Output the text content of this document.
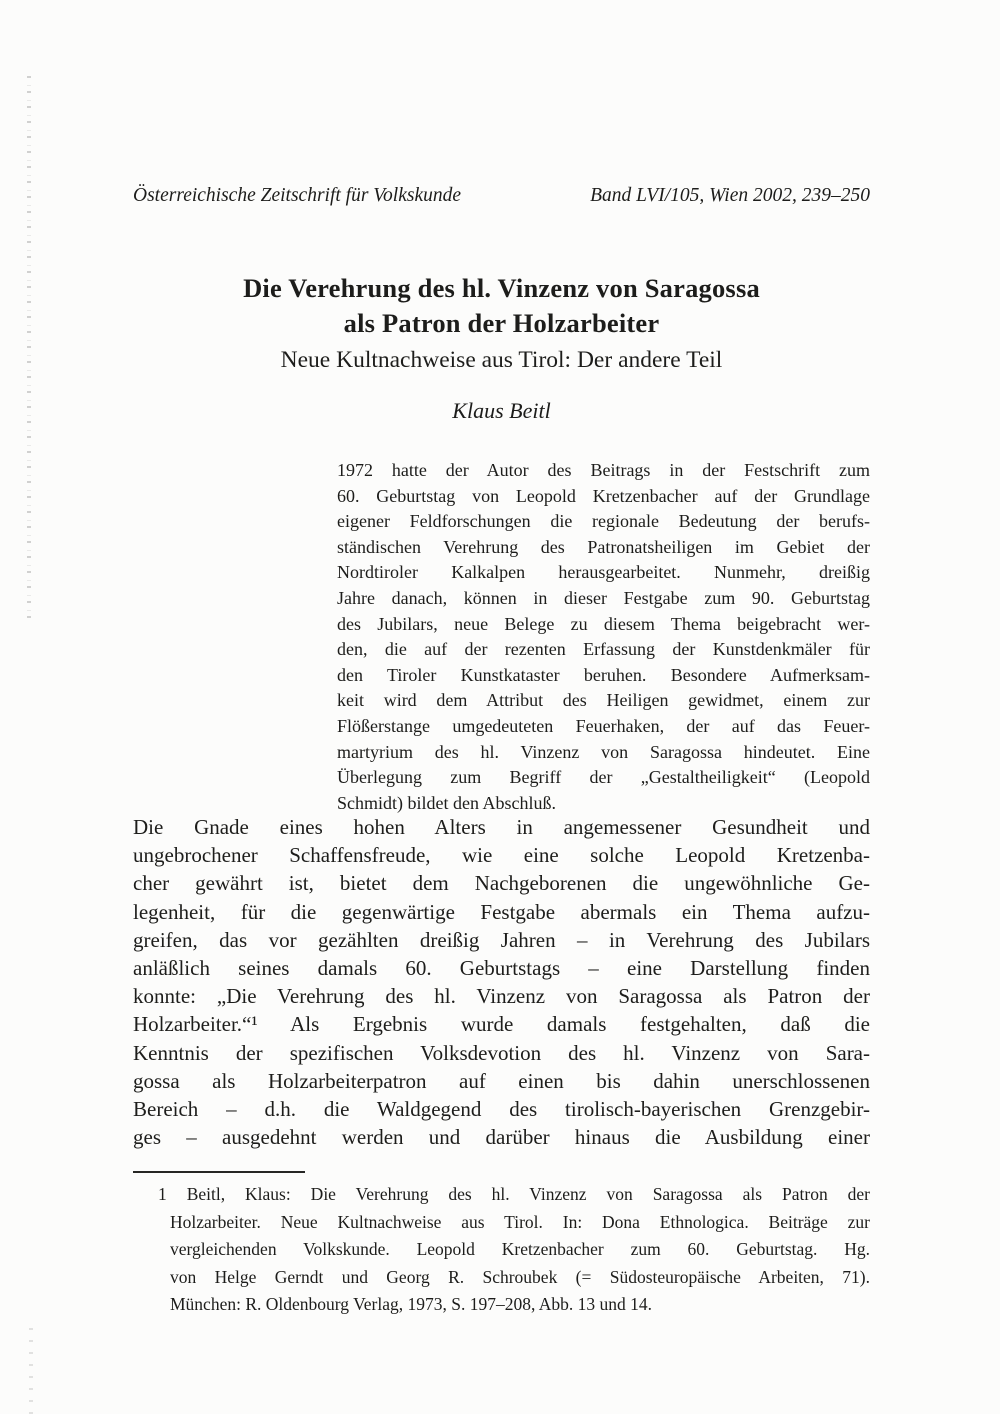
Österreichische Zeitschrift für Volkskunde	Band LVI/105, Wien 2002, 239–250
Die Verehrung des hl. Vinzenz von Saragossa
als Patron der Holzarbeiter
Neue Kultnachweise aus Tirol: Der andere Teil
Klaus Beitl
1972 hatte der Autor des Beitrags in der Festschrift zum
60. Geburtstag von Leopold Kretzenbacher auf der Grundlage
eigener Feldforschungen die regionale Bedeutung der berufs-
ständischen Verehrung des Patronatsheiligen im Gebiet der
Nordtiroler Kalkalpen herausgearbeitet. Nunmehr, dreißig
Jahre danach, können in dieser Festgabe zum 90. Geburtstag
des Jubilars, neue Belege zu diesem Thema beigebracht wer-
den, die auf der rezenten Erfassung der Kunstdenkmäler für
den Tiroler Kunstkataster beruhen. Besondere Aufmerksam-
keit wird dem Attribut des Heiligen gewidmet, einem zur
Flößerstange umgedeuteten Feuerhaken, der auf das Feuer-
martyrium des hl. Vinzenz von Saragossa hindeutet. Eine
Überlegung zum Begriff der „Gestaltheiligkeit“ (Leopold
Schmidt) bildet den Abschluß.
Die Gnade eines hohen Alters in angemessener Gesundheit und
ungebrochener Schaffensfreude, wie eine solche Leopold Kretzenba-
cher gewährt ist, bietet dem Nachgeborenen die ungewöhnliche Ge-
legenheit, für die gegenwärtige Festgabe abermals ein Thema aufzu-
greifen, das vor gezählten dreißig Jahren – in Verehrung des Jubilars
anläßlich seines damals 60. Geburtstags – eine Darstellung finden
konnte: „Die Verehrung des hl. Vinzenz von Saragossa als Patron der
Holzarbeiter.“¹ Als Ergebnis wurde damals festgehalten, daß die
Kenntnis der spezifischen Volksdevotion des hl. Vinzenz von Sara-
gossa als Holzarbeiterpatron auf einen bis dahin unerschlossenen
Bereich – d.h. die Waldgegend des tirolisch-bayerischen Grenzgebir-
ges – ausgedehnt werden und darüber hinaus die Ausbildung einer
1 Beitl, Klaus: Die Verehrung des hl. Vinzenz von Saragossa als Patron der
Holzarbeiter. Neue Kultnachweise aus Tirol. In: Dona Ethnologica. Beiträge zur
vergleichenden Volkskunde. Leopold Kretzenbacher zum 60. Geburtstag. Hg.
von Helge Gerndt und Georg R. Schroubek (= Südosteuropäische Arbeiten, 71).
München: R. Oldenbourg Verlag, 1973, S. 197–208, Abb. 13 und 14.
